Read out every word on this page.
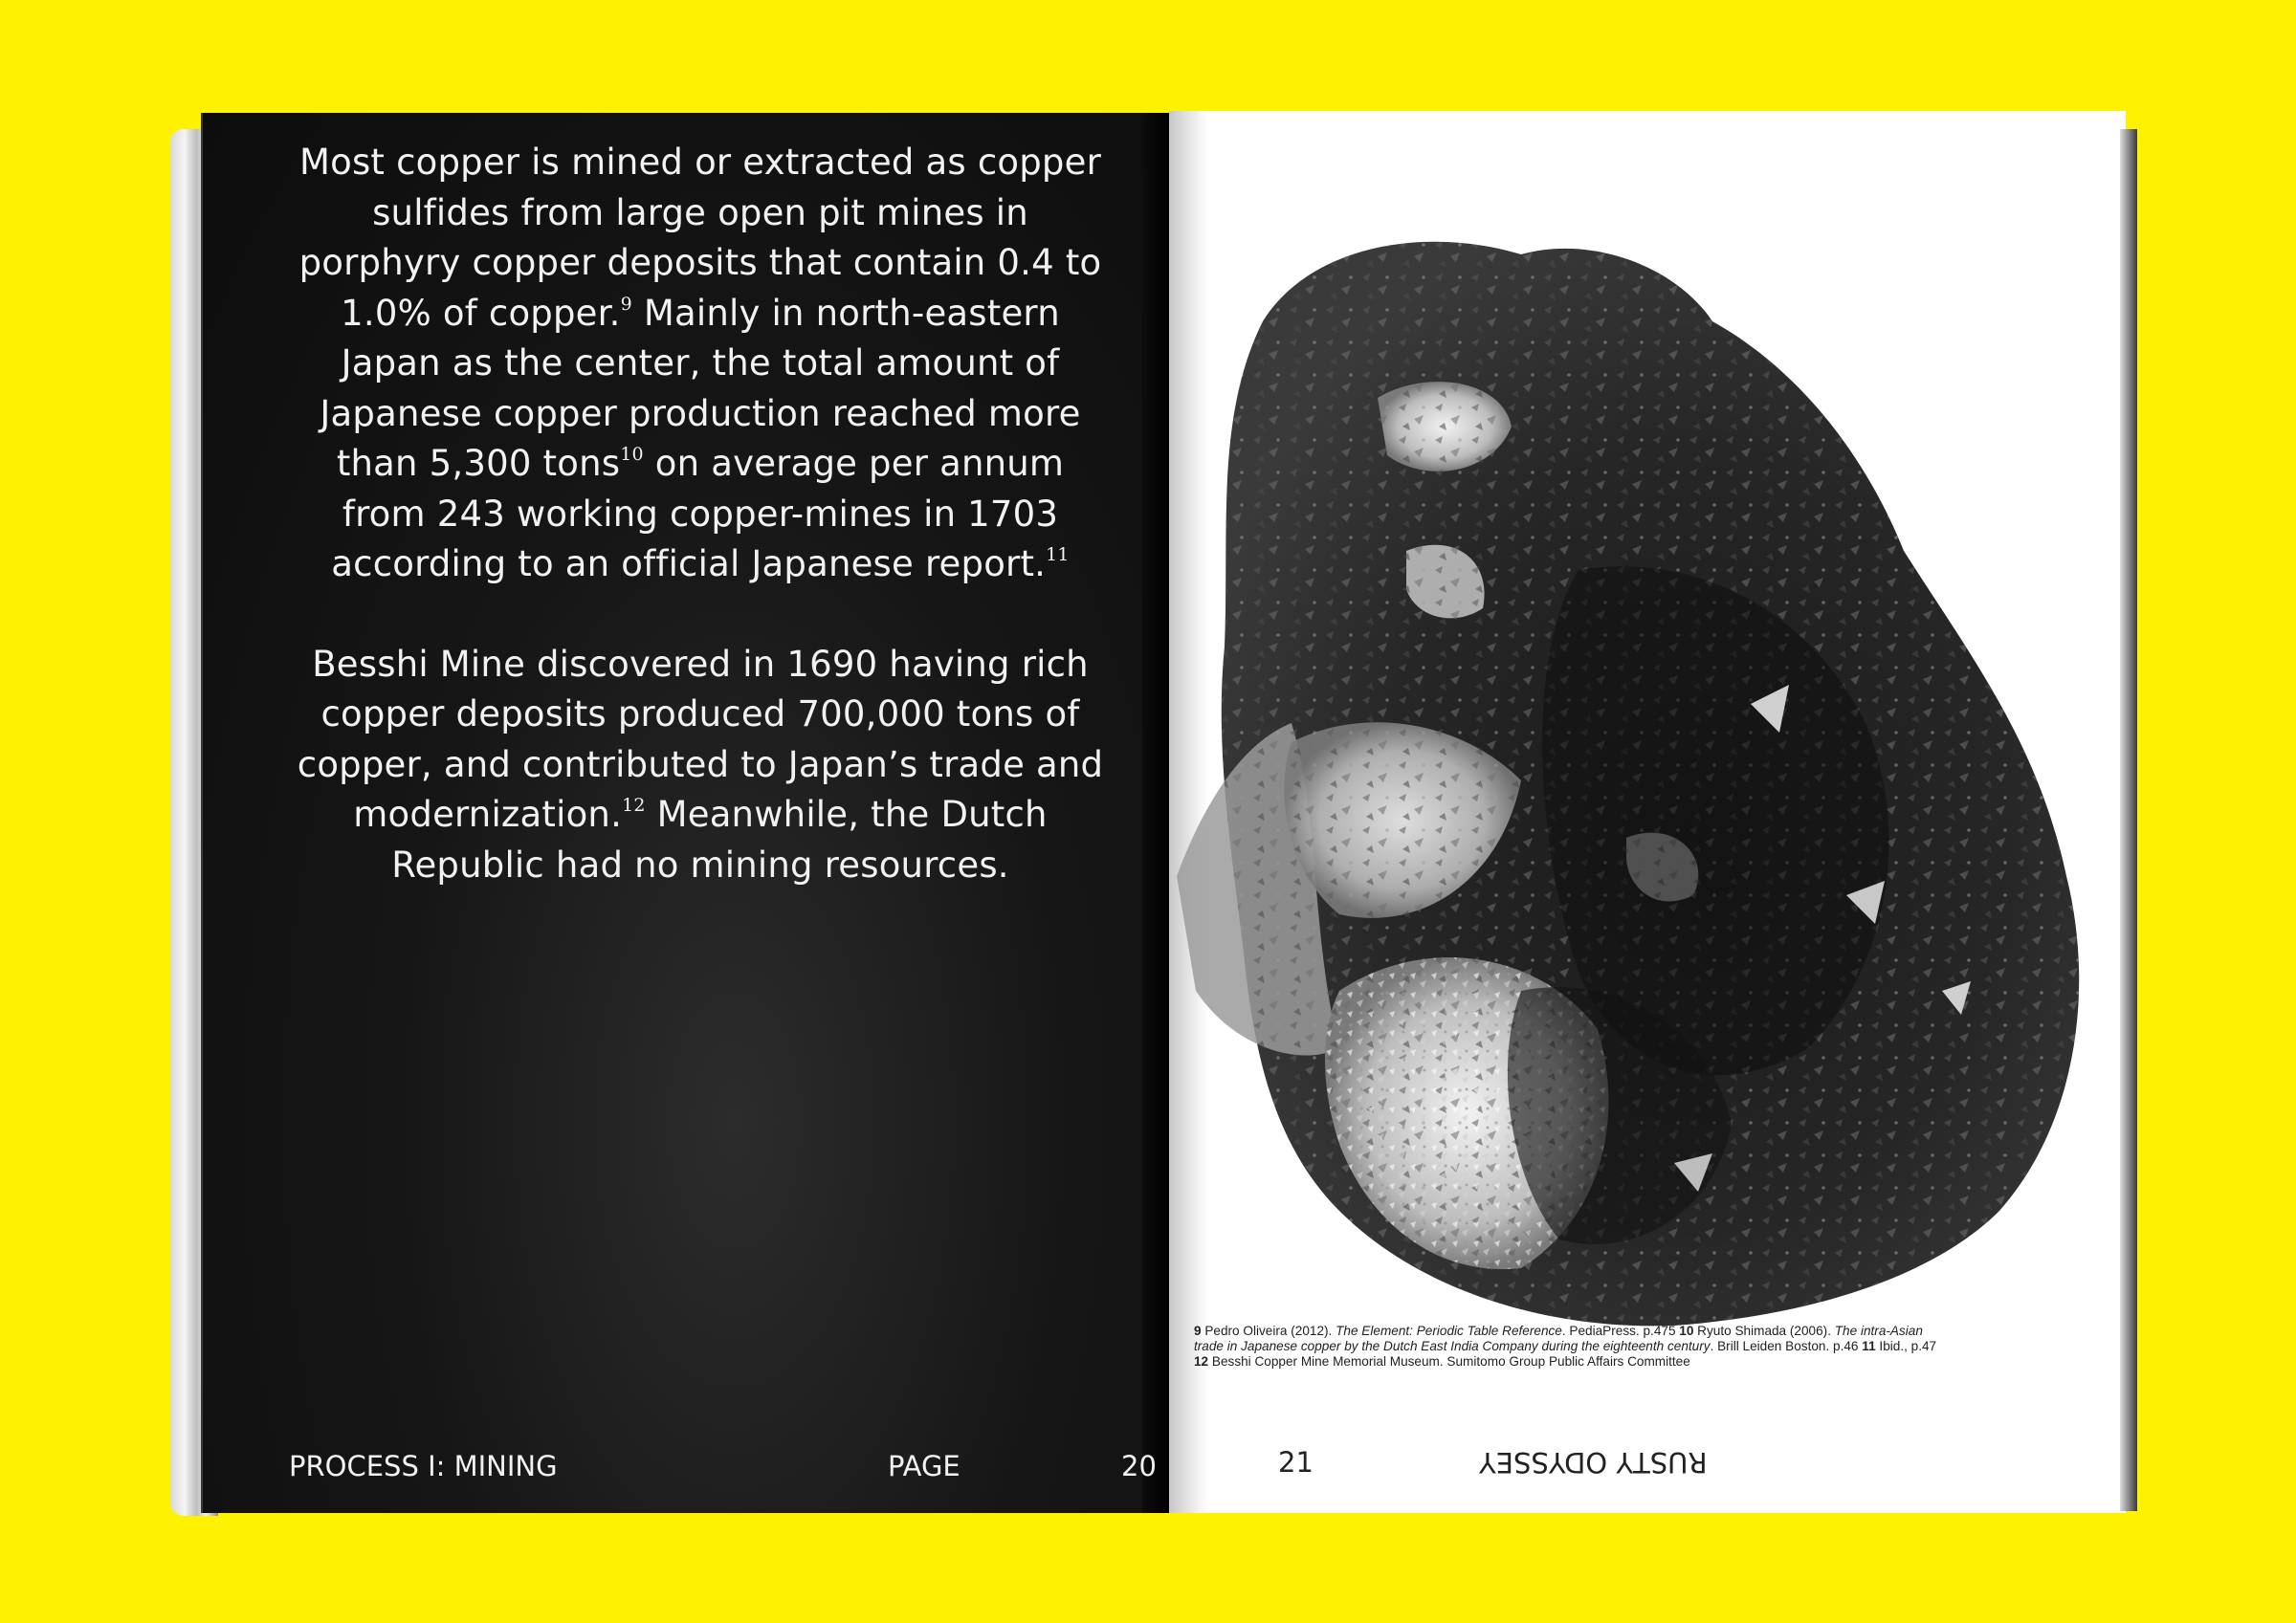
Most copper is mined or extracted as copper
sulfides from large open pit mines in
porphyry copper deposits that contain 0.4 to
1.0% of copper.$^9$ Mainly in north-eastern
Japan as the center, the total amount of
Japanese copper production reached more
than 5,300 tons$^{10}$ on average per annum
from 243 working copper-mines in 1703
according to an official Japanese report.$^{11}$

Besshi Mine discovered in 1690 having rich
copper deposits produced 700,000 tons of
copper, and contributed to Japan’s trade and
modernization.$^{12}$ Meanwhile, the Dutch
Republic had no mining resources.

PROCESS I: MINING	PAGE	20
9 Pedro Oliveira (2012). The Element: Periodic Table Reference. PediaPress. p.475 10 Ryuto Shimada (2006). The intra-Asian
trade in Japanese copper by the Dutch East India Company during the eighteenth century. Brill Leiden Boston. p.46 11 Ibid., p.47
12 Besshi Copper Mine Memorial Museum. Sumitomo Group Public Affairs Committee
21	RUSTY ODYSSEY
